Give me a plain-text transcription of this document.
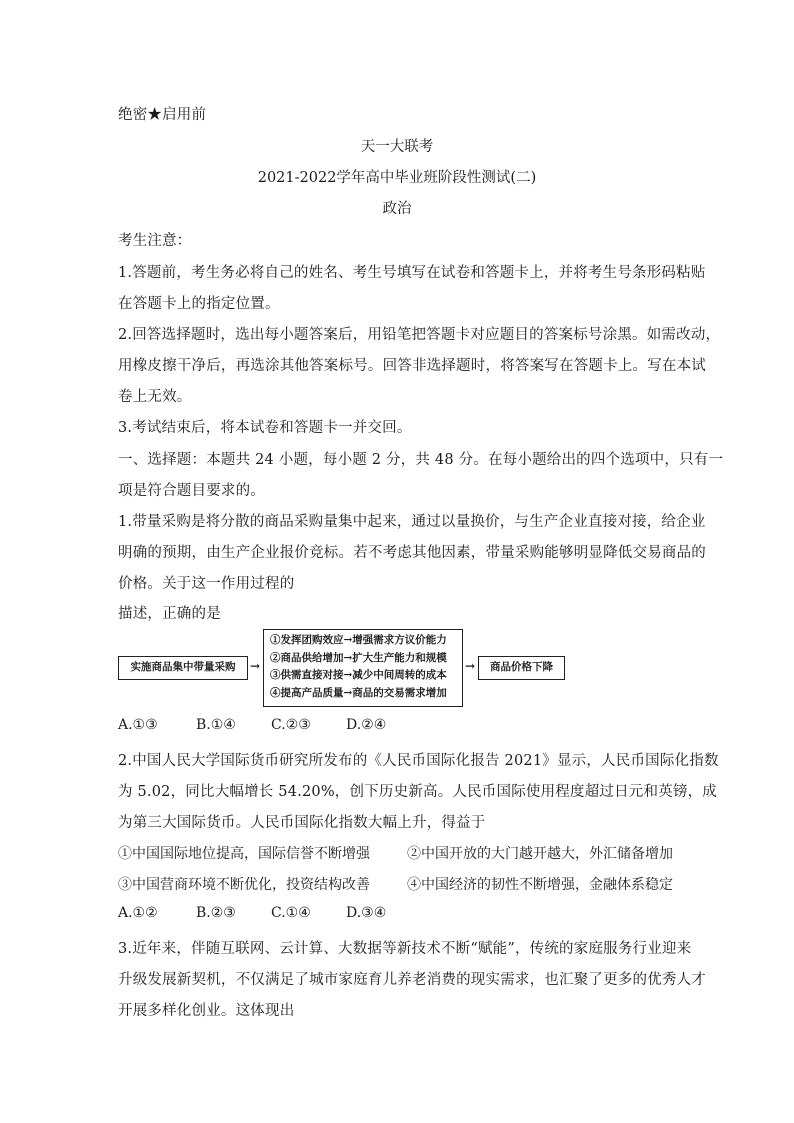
绝密★启用前
天一大联考
2021-2022学年高中毕业班阶段性测试(二)
政治
考生注意：
1.答题前，考生务必将自己的姓名、考生号填写在试卷和答题卡上，并将考生号条形码粘贴
在答题卡上的指定位置。
2.回答选择题时，选出每小题答案后，用铅笔把答题卡对应题目的答案标号涂黑。如需改动，
用橡皮擦干净后，再选涂其他答案标号。回答非选择题时，将答案写在答题卡上。写在本试
卷上无效。
3.考试结束后，将本试卷和答题卡一并交回。
一、选择题：本题共 24 小题，每小题 2 分，共 48 分。在每小题给出的四个选项中，只有一
项是符合题目要求的。
1.带量采购是将分散的商品采购量集中起来，通过以量换价，与生产企业直接对接，给企业
明确的预期，由生产企业报价竞标。若不考虑其他因素，带量采购能够明显降低交易商品的
价格。关于这一作用过程的
描述，正确的是
实施商品集中带量采购	→
①发挥团购效应→增强需求方议价能力
②商品供给增加→扩大生产能力和规模
③供需直接对接→减少中间周转的成本
④提高产品质量→商品的交易需求增加
→	商品价格下降
A.①③	B.①④	C.②③	D.②④
2.中国人民大学国际货币研究所发布的《人民币国际化报告 2021》显示，人民币国际化指数
为 5.02，同比大幅增长 54.20%，创下历史新高。人民币国际使用程度超过日元和英镑，成
为第三大国际货币。人民币国际化指数大幅上升，得益于
①中国国际地位提高，国际信誉不断增强	②中国开放的大门越开越大，外汇储备增加
③中国营商环境不断优化，投资结构改善	④中国经济的韧性不断增强，金融体系稳定
A.①②	B.②③	C.①④	D.③④
3.近年来，伴随互联网、云计算、大数据等新技术不断“赋能”，传统的家庭服务行业迎来
升级发展新契机，不仅满足了城市家庭育儿养老消费的现实需求，也汇聚了更多的优秀人才
开展多样化创业。这体现出
